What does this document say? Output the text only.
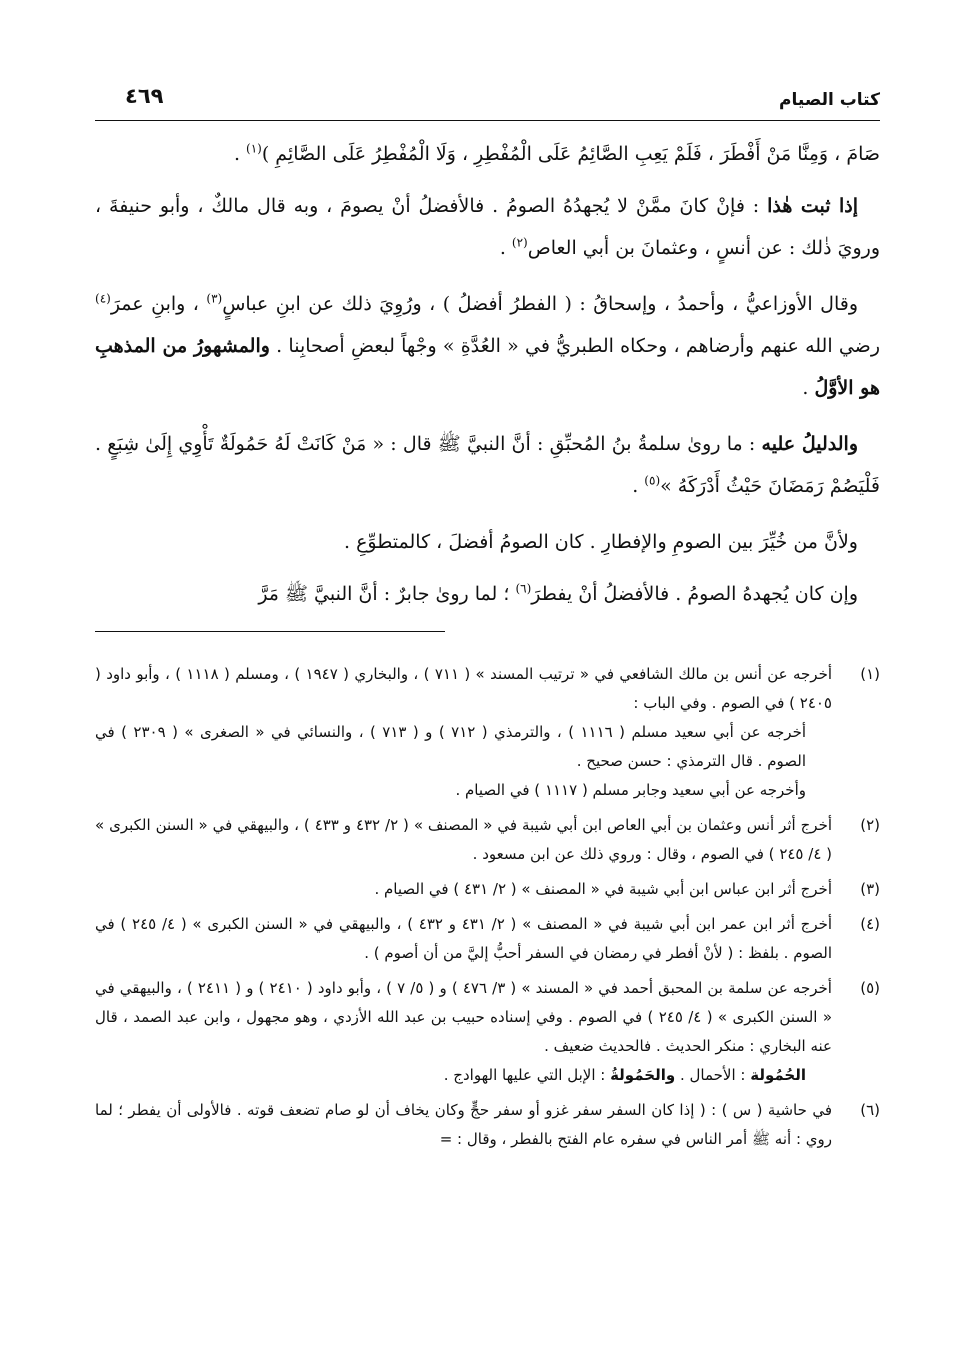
كتاب الصيام
٤٦٩

صَامَ ، وَمِنَّا مَنْ أَفْطَرَ ، فَلَمْ يَعِبِ الصَّائِمُ عَلَى الْمُفْطِرِ ، وَلَا الْمُفْطِرُ عَلَى الصَّائِمِ )$^{(١)}$ .

إذا ثبت هٰذا : فإنْ كانَ ممَّنْ لا يُجهدُهُ الصومُ . فالأفضلُ أنْ يصومَ ، وبه قال مالكٌ ، وأبو حنيفةَ ، ورويَ ذٰلك : عن أنسٍ ، وعثمانَ بن أبي العاص$^{(٢)}$ .

وقال الأوزاعيُّ ، وأحمدُ ، وإسحاقُ : ( الفطرُ أفضلُ ) ، ورُوِيَ ذلك عن ابنِ عباسٍ$^{(٣)}$ ، وابنِ عمرَ$^{(٤)}$ رضي الله عنهم وأرضاهم ، وحكاه الطبريُّ في « العُدَّةِ » وجْهاً لبعضِ أصحابِنا . والمشهورُ من المذهبِ هو الأوَّلُ .

والدليلُ عليه : ما روىٰ سلمةُ بنُ المُحبِّقِ : أنَّ النبيَّ ﷺ قال : « مَنْ كَانَتْ لَهُ حَمُولَةٌ تَأْوِي إِلَىٰ شِبَعٍ . فَلْيَصُمْ رَمَضَانَ حَيْثُ أَدْرَكَهُ »$^{(٥)}$ .

ولأنَّ من خُيِّرَ بين الصومِ والإفطارِ . كان الصومُ أفضلَ ، كالمتطوِّعِ .

وإن كان يُجهدهُ الصومُ . فالأفضلُ أنْ يفطرَ$^{(٦)}$ ؛ لما روىٰ جابرٌ : أنَّ النبيَّ ﷺ مَرَّ

(١)
أخرجه عن أنس بن مالك الشافعي في « ترتيب المسند » ( ٧١١ ) ، والبخاري ( ١٩٤٧ ) ، ومسلم ( ١١١٨ ) ، وأبو داود ( ٢٤٠٥ ) في الصوم . وفي الباب :
أخرجه عن أبي سعيد مسلم ( ١١١٦ ) ، والترمذي ( ٧١٢ ) و ( ٧١٣ ) ، والنسائي في « الصغرى » ( ٢٣٠٩ ) في الصوم . قال الترمذي : حسن صحيح .
وأخرجه عن أبي سعيد وجابر مسلم ( ١١١٧ ) في الصيام .
(٢)
أخرج أثر أنس وعثمان بن أبي العاص ابن أبي شيبة في « المصنف » ( ٢/ ٤٣٢ و ٤٣٣ ) ، والبيهقي في « السنن الكبرى » ( ٤/ ٢٤٥ ) في الصوم ، وقال : وروي ذلك عن ابن مسعود .
(٣)
أخرج أثر ابن عباس ابن أبي شيبة في « المصنف » ( ٢/ ٤٣١ ) في الصيام .
(٤)
أخرج أثر ابن عمر ابن أبي شيبة في « المصنف » ( ٢/ ٤٣١ و ٤٣٢ ) ، والبيهقي في « السنن الكبرى » ( ٤/ ٢٤٥ ) في الصوم . بلفظ : ( لأنْ أفطر في رمضان في السفر أحبُّ إليَّ من أن أصوم ) .
(٥)
أخرجه عن سلمة بن المحبق أحمد في « المسند » ( ٣/ ٤٧٦ ) و ( ٥/ ٧ ) ، وأبو داود ( ٢٤١٠ ) و ( ٢٤١١ ) ، والبيهقي في « السنن الكبرى » ( ٤/ ٢٤٥ ) في الصوم . وفي إسناده حبيب بن عبد الله الأزدي ، وهو مجهول ، وابن عبد الصمد ، قال عنه البخاري : منكر الحديث . فالحديث ضعيف .
الحُمُولة : الأحمال . والحَمُولةُ : الإبل التي عليها الهوادج .
(٦)
في حاشية ( س ) : ( إذا كان السفر سفر غزو أو سفر حجٍّ وكان يخاف أن لو صام تضعف قوته . فالأولى أن يفطر ؛ لما روي : أنه ﷺ أمر الناس في سفره عام الفتح بالفطر ، وقال : =
